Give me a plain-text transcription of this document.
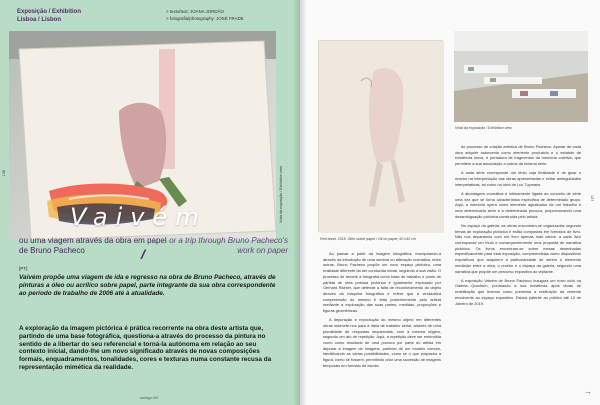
Exposição / Exhibition
Lisboa / Lisbon
> texto/text: JOANA JORDÃO
> fotografia/photography: JOSÉ FRADE
Vista da exposição / Exhibition view
136
Vaivém
ou uma viagem através da obra em papel de Bruno Pacheco	//
or a trip through Bruno Pacheco's work on paper
[PT]
Vaivém propõe uma viagem de ida e regresso na obra de Bruno Pacheco, através de pinturas a óleo ou acrílico sobre papel, parte integrante da sua obra correspondente ao período de trabalho de 2006 até à atualidade.
A exploração da imagem pictórica é prática recorrente na obra deste artista que, partindo de uma base fotográfica, questiona-a através do processo da pintura no sentido de a libertar do seu referencial e torná-la autónoma em relação ao seu contexto inicial, dando-lhe um novo significado através de novas composições formais, enquadramentos, tonalidades, cores e texturas numa constante recusa da representação mimética da realidade.
umbigo 067
Red band, 2018. Óleo sobre papel / Oil on paper, 60 x42 cm
Vista da exposição / Exhibition view

Ao passar a partir da imagem fotográfica, manipulando-a através da introdução de uma sombra ou alteração cromática, entre outras, Bruno Pacheco propõe um novo espaço pictórico, uma realidade diferente da ser conduzida inicial, seguindo a sua visão. O processo de recorte à fotografia como base de trabalho e ponto de partida de uma postura pictórica é igualmente explorado por Gerhard Richter, que defende a falta de reconhecimento do objeto através da máquina fotográfica e refere que a verdadeira compreensão do mesmo é feita posteriormente pelo artista mediante a exploração das suas partes, medidas, proporções e figuras geométricas.

A depuração e reprodução do mesmo objeto em diferentes obras submete-nos para a ideia de trabalho serial, através de uma pluralidade de respostas sequenciais, com a mesma origem, segundo um ato de repetição. Aqui, a repetição deve ser entendida como como resultado de uma procura por parte do artista em depurar a imagem de imagens, partindo de um modelo comum, identificando as várias possibilidades, como se o que enquadra a figura, como se fossem, permitindo criar uma sucessão de imagens temporais em formato de escola.

do processo de criação artística de Bruno Pacheco. Apesar de cada obra adquirir autonomia como elemento produzido e o estatuto de existência única, é portadora de fragmentos da memória coletiva, que permitem a sua associação a outros da mesma série.

A cada série corresponde um título cuja finalidade é de guiar o recetor na interpretação das obras apresentadas e evitar ambiguidades interpretativas, tal como na obra de Luc Tuymans.

A abordagem cromática é intimamente ligada ao conceito de série uma vez que se torna característica específica de determinado grupo. Aqui, a memória opera como elemento aglutinador de um trabalho e uma determinada série e a determinada procura, proporcionando uma desambiguação pictórica construída pelo artista.

No espaço da galeria, as obras encontram-se organizadas segundo temas de exploração pictórica e estão compostas em formatos de livro. Não nos deparamos com um livro apenas mas vários: a cada livro corresponde um título e consequentemente uma proposta de narrativa pictórica. Os livros encontram-se sobre mesas desenhadas especificamente para esta exposição, compreendidas como dispositivos expositivos que adquirem a particularidade de serem o elemento mediador entre a obra, o recetor e o espaço da galeria, segundo uma narrativa que propõe um percurso expositivo ao visitante.

A exposição Vaivém de Bruno Pacheco inaugura um novo ciclo na Galeria Quadrum, pontuando a sua existência após obras de reabilitação que tiveram como premissa a restituição da vertente envolvente ao espaço expositivo. Estará patente ao público até 13 de Janeiro de 2019.

137
→
